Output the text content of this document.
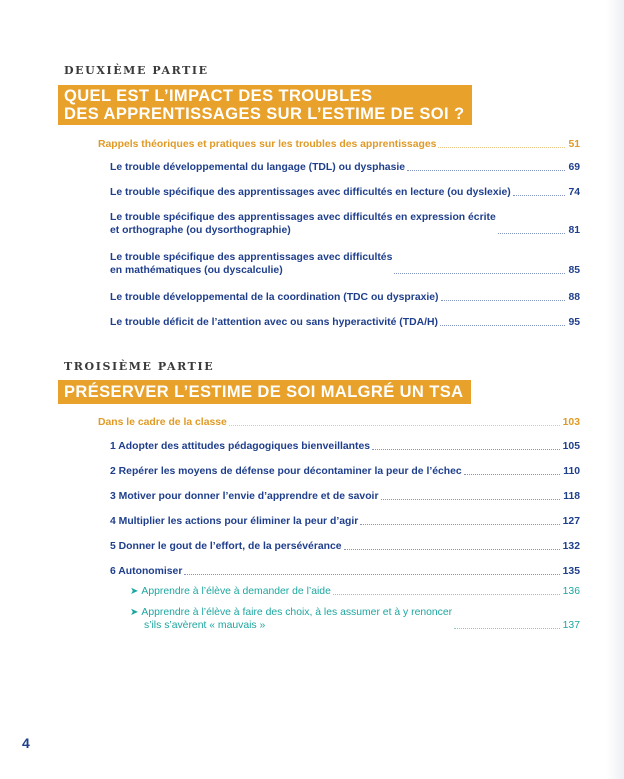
DEUXIÈME PARTIE
QUEL EST L’IMPACT DES TROUBLES
DES APPRENTISSAGES SUR L’ESTIME DE SOI ?
Rappels théoriques et pratiques sur les troubles des apprentissages	51
Le trouble développemental du langage (TDL) ou dysphasie	69
Le trouble spécifique des apprentissages avec difficultés en lecture (ou dyslexie)	74
Le trouble spécifique des apprentissages avec difficultés en expression écrite
et orthographe (ou dysorthographie)	81
Le trouble spécifique des apprentissages avec difficultés
en mathématiques (ou dyscalculie)	85
Le trouble développemental de la coordination (TDC ou dyspraxie)	88
Le trouble déficit de l’attention avec ou sans hyperactivité (TDA/H)	95
TROISIÈME PARTIE
PRÉSERVER L’ESTIME DE SOI MALGRÉ UN TSA
Dans le cadre de la classe	103
1 Adopter des attitudes pédagogiques bienveillantes	105
2 Repérer les moyens de défense pour décontaminer la peur de l’échec	110
3 Motiver pour donner l’envie d’apprendre et de savoir	118
4 Multiplier les actions pour éliminer la peur d’agir	127
5 Donner le gout de l’effort, de la persévérance	132
6 Autonomiser	135
➤ Apprendre à l’élève à demander de l’aide	136
➤ Apprendre à l’élève à faire des choix, à les assumer et à y renoncer
s’ils s’avèrent « mauvais »	137
4
